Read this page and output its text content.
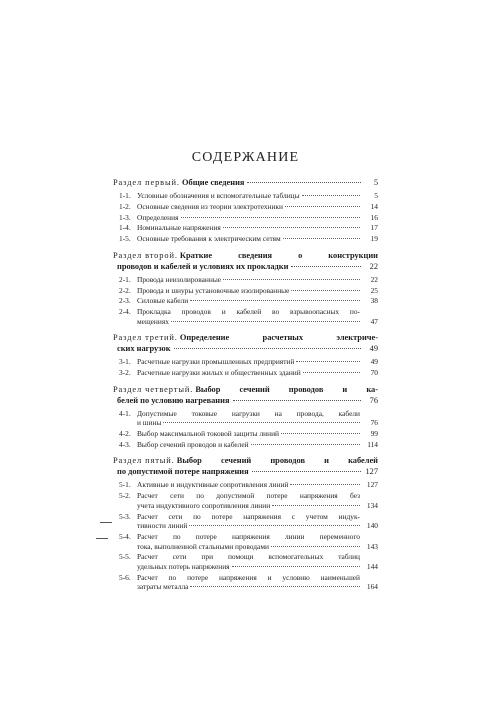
СОДЕРЖАНИЕ
Раздел первый.
Общие сведения	5
1-1. Условные обозначения и вспомогательные таблицы	5
1-2. Основные сведения из теории электротехники	14
1-3. Определения	16
1-4. Номинальные напряжения	17
1-5. Основные требования к электрическим сетям	19
Раздел второй.
Краткие сведения о конструкции
проводов и кабелей и условиях их прокладки	22
2-1. Провода неизолированные	22
2-2. Провода и шнуры установочные изолированные	25
2-3. Силовые кабели	38
2-4. Прокладка проводов и кабелей во взрывоопасных по-
мещениях	47
Раздел третий.
Определение расчетных электриче-
ских нагрузок	49
3-1. Расчетные нагрузки промышленных предприятий	49
3-2. Расчетные нагрузки жилых и общественных зданий	70
Раздел четвертый.
Выбор сечений проводов и ка-
белей по условию нагревания	76
4-1. Допустимые токовые нагрузки на провода, кабели
и шины	76
4-2. Выбор максимальной токовой защиты линий	99
4-3. Выбор сечений проводов и кабелей	114
Раздел пятый.
Выбор сечений проводов и кабелей
по допустимой потере напряжения	127
5-1. Активные и индуктивные сопротивления линий	127
5-2. Расчет сети по допустимой потере напряжения без
учета индуктивного сопротивления линии	134
5-3. Расчет сети по потере напряжения с учетом индук-
тивности линий	140
5-4. Расчет по потере напряжения линии переменного
тока, выполненной стальными проводами	143
5-5. Расчет сети при помощи вспомогательных таблиц
удельных потерь напряжения	144
5-6. Расчет по потере напряжения и условию наименьшей
затраты металла	164
